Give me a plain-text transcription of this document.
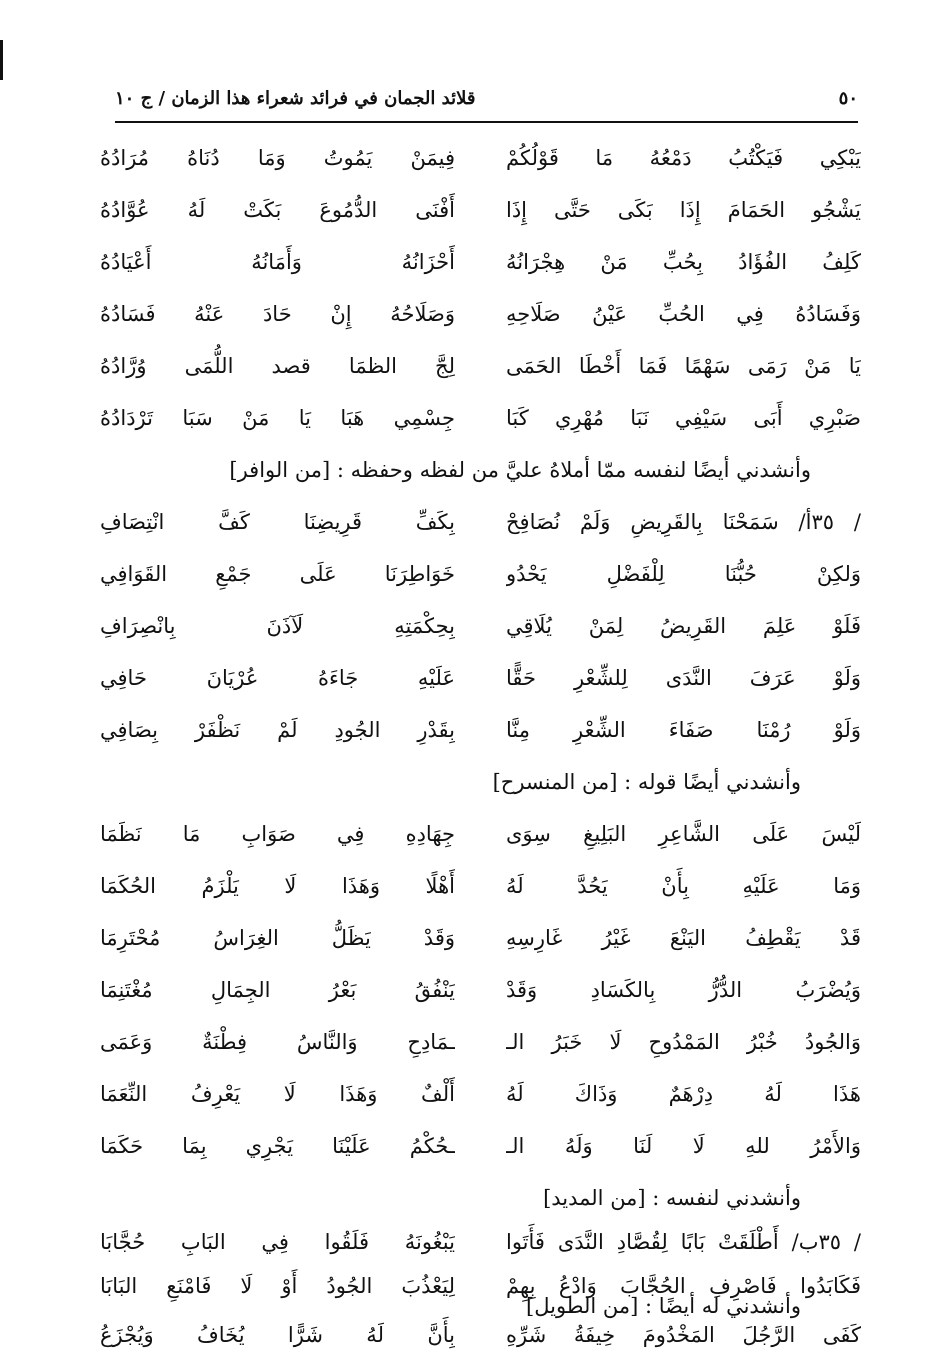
٥٠
قلائد الجمان في فرائد شعراء هذا الزمان / ج ١٠
يَبْكِي فَيَكْتُبُ دَمْعُهُ مَا قَوْلُكُمْ
فِيمَنْ يَمُوتُ وَمَا دُنَاهُ مُرَادُهُ
يَشْجُو الحَمَامَ إِذَا بَكَى حَتَّى إِذَا
أَفْنَى الدُّمُوعَ بَكَتْ لَهُ عُوَّادُهُ
كَلِفُ الفُؤَادُ بِحُبِّ مَنْ هِجْرَانُهُ
أَحْزَانُهُ وَأَمَانُهُ أَعْيَادُهُ
وَفَسَادُهُ فِي الحُبِّ عَيْنُ صَلَاحِهِ
وَصَلَاحُهُ إِنْ حَادَ عَنْهُ فَسَادُهُ
يَا مَنْ رَمَى سَهْمًا فَمَا أَخْطَا الحَمَى
لِجَّ الظمَا قصد اللُّمَى وُرَّادُهُ
صَبْرِي أَبَى سَيْفِي نَبَا مُهْرِي كَبَا
جِسْمِي هَبَا يَا مَنْ سَبَا تَرْدَادُهُ
وأنشدني أيضًا لنفسه ممّا أملاهُ عليَّ من لفظه وحفظه : [من الوافر]
/ ٣٥أ/ سَمَحْنَا بِالقَرِيضِ وَلَمْ نُصَافِحْ
بِكَفِّ قَرِيضِنَا كَفَّ انْتِصَافِ
وَلكِنْ حُبُّنَا لِلْفَضْلِ يَحْدُو
خَوَاطِرَنَا عَلَى جَمْعِ القَوَافِي
فَلَوْ عَلِمَ القَرِيضُ لِمَنْ يُلَاقِي
بِحِكْمَتِهِ لَآذَنَ بِانْصِرَافِ
وَلَوْ عَرَفَ النَّدَى لِلشِّعْرِ حَقًّا
عَلَيْهِ جَاءَهُ عُرْيَانَ حَافِي
وَلَوْ رُمْنَا صَفَاءَ الشِّعْرِ مِنَّا
بِقَدْرِ الجُودِ لَمْ نَظْفَرْ بِصَافِي
وأنشدني أيضًا قوله : [من المنسرح]
لَيْسَ عَلَى الشَّاعِرِ البَلِيغِ سِوَى
جِهَادِهِ فِي صَوَابِ مَا نَظَمَا
وَمَا عَلَيْهِ بِأَنْ يَحُدَّ لَهُ
أَهْلًا وَهَذَا لَا يَلْزَمُ الحُكَمَا
قَدْ يَقْطِفُ اليَنْعَ غَيْرُ غَارِسِهِ
وَقَدْ يَظَلُّ الغِرَاسُ مُحْتَرِمَا
وَيُضْرَبُ الدُّرُّ بِالكَسَادِ وَقَدْ
يَنْفُقُ بَعْرُ الجِمَالِ مُغْتَنِمَا
وَالجُودُ خُبْرُ المَمْدُوحِ لَا خَبَرُ الـ
ـمَادِحِ وَالنَّاسُ فِطْنَةٌ وَعَمَى
هَذَا لَهُ دِرْهَمٌ وَذَاكَ لَهُ
أَلْفٌ وَهَذَا لَا يَعْرِفُ النِّعَمَا
وَالأَمْرُ للهِ لَا لَنَا وَلَهُ الـ
ـحُكْمُ عَلَيْنَا يَجْرِي بِمَا حَكَمَا
وأنشدني لنفسه : [من المديد]
/ ٣٥ب/ أَطْلَقَتْ بَابًا لِقُصَّادِ النَّدَى فَأَتَوا
يَبْغُونَهُ فَلَقُوا فِي البَابِ حُجَّابَا
فَكَابَدُوا فَاصْرِفِ الحُجَّابَ وَادْعُ بِهِمْ
لِيَعْذُبَ الجُودُ أَوْ لَا فَامْنَعِ البَابَا
وأنشدني له أيضًا : [من الطويل]
كَفَى الرَّجُلَ المَخْدُومَ خِيفَةُ شَرِّهِ
بِأَنَّ لَهُ شَرًّا يُخَافُ وَيُجْزَعُ
